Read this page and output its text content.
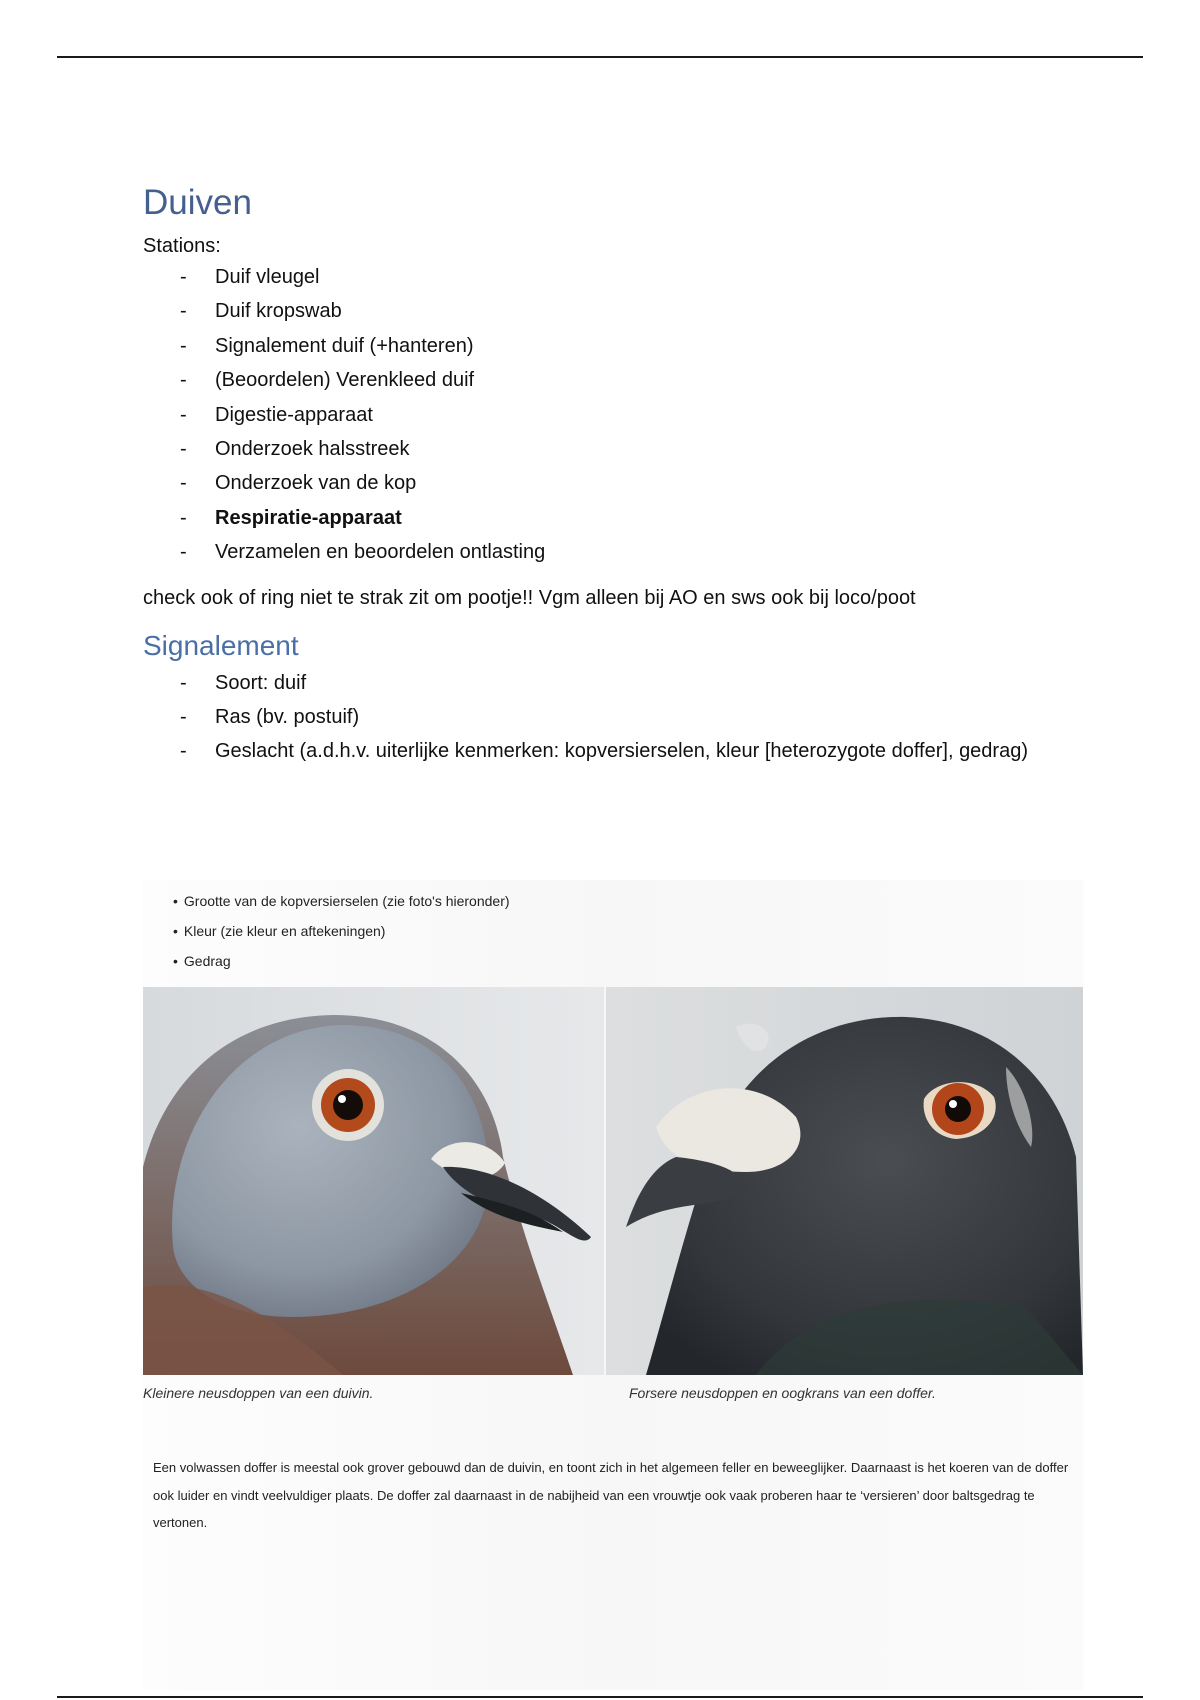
Duiven

Stations:

- Duif vleugel
- Duif kropswab
- Signalement duif (+hanteren)
- (Beoordelen) Verenkleed duif
- Digestie-apparaat
- Onderzoek halsstreek
- Onderzoek van de kop
- Respiratie-apparaat
- Verzamelen en beoordelen ontlasting

check ook of ring niet te strak zit om pootje!! Vgm alleen bij AO en sws ook bij loco/poot

Signalement
- Soort: duif
- Ras (bv. postuif)
- Geslacht (a.d.h.v. uiterlijke kenmerken: kopversierselen, kleur [heterozygote doffer], gedrag)
• Grootte van de kopversierselen (zie foto's hieronder)
• Kleur (zie kleur en aftekeningen)
• Gedrag
Kleinere neusdoppen van een duivin.	Forsere neusdoppen en oogkrans van een doffer.

Een volwassen doffer is meestal ook grover gebouwd dan de duivin, en toont zich in het algemeen feller en beweeglijker. Daarnaast is het koeren van de doffer ook luider en vindt veelvuldiger plaats. De doffer zal daarnaast in de nabijheid van een vrouwtje ook vaak proberen haar te ‘versieren’ door baltsgedrag te vertonen.
